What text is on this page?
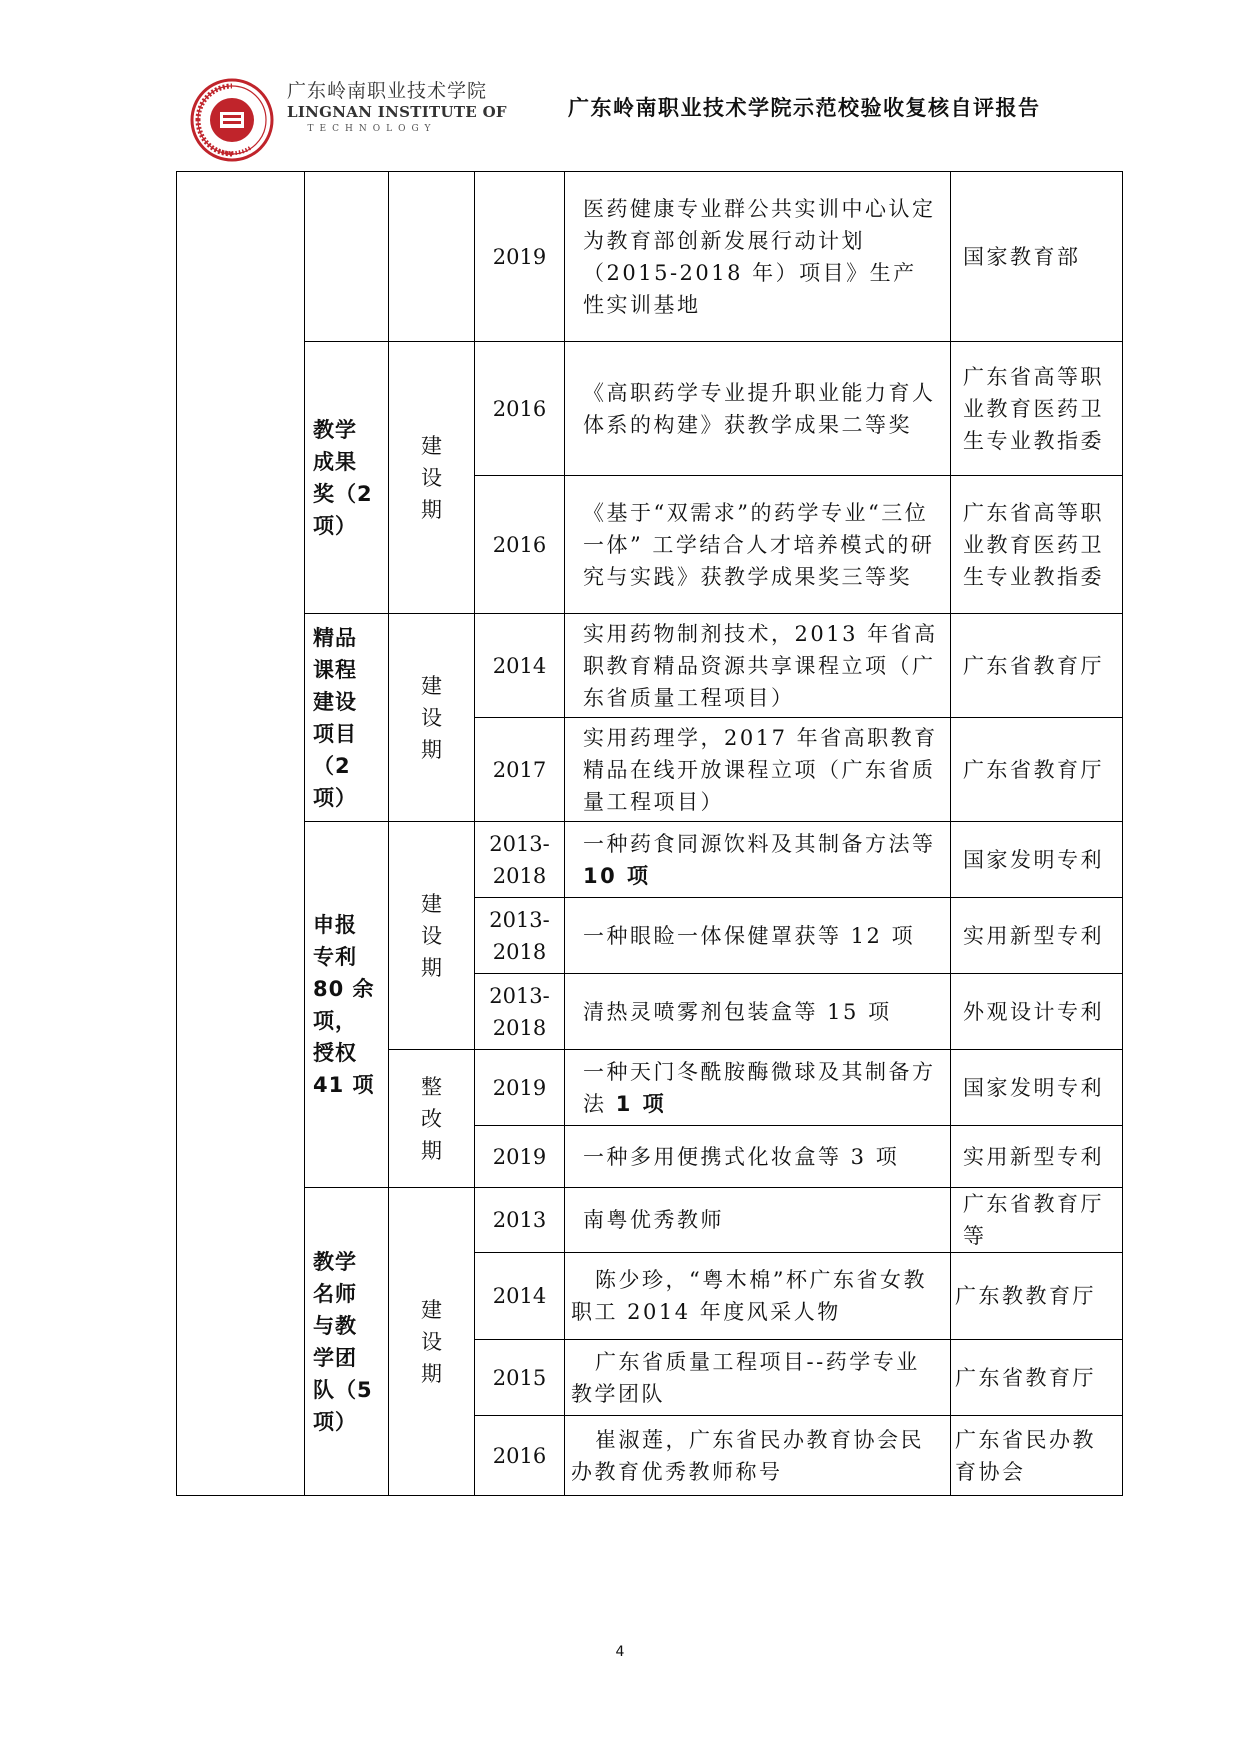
广东岭南职业技术学院
LINGNAN INSTITUTE OF
TECHNOLOGY
广东岭南职业技术学院示范校验收复核自评报告
			2019	医药健康专业群公共实训中心认定为教育部创新发展行动计划（2015-2018 年）项目》生产性实训基地	国家教育部

	教学成果奖（2 项）	建设期	2016	《高职药学专业提升职业能力育人体系的构建》获教学成果二等奖	广东省高等职业教育医药卫生专业教指委
			2016	《基于“双需求”的药学专业“三位一体” 工学结合人才培养模式的研究与实践》获教学成果奖三等奖	广东省高等职业教育医药卫生专业教指委

	精品课程建设项目（2 项）	建设期	2014	实用药物制剂技术，2013 年省高职教育精品资源共享课程立项（广东省质量工程项目）	广东省教育厅
			2017	实用药理学，2017 年省高职教育精品在线开放课程立项（广东省质量工程项目）	广东省教育厅

	申报专利 80 余项，授权 41 项	建设期	2013-2018	一种药食同源饮料及其制备方法等 10 项	国家发明专利
			2013-2018	一种眼睑一体保健罩获等 12 项	实用新型专利
			2013-2018	清热灵喷雾剂包装盒等 15 项	外观设计专利

		整改期	2019	一种天门冬酰胺酶微球及其制备方法 1 项	国家发明专利
			2019	一种多用便携式化妆盒等 3 项	实用新型专利

	教学名师与教学团队（5 项）	建设期	2013	南粤优秀教师	广东省教育厅等
			2014	陈少珍，“粤木棉”杯广东省女教职工 2014 年度风采人物	广东教教育厅
			2015	广东省质量工程项目--药学专业教学团队	广东省教育厅
			2016	崔淑莲，广东省民办教育协会民办教育优秀教师称号	广东省民办教育协会
4
